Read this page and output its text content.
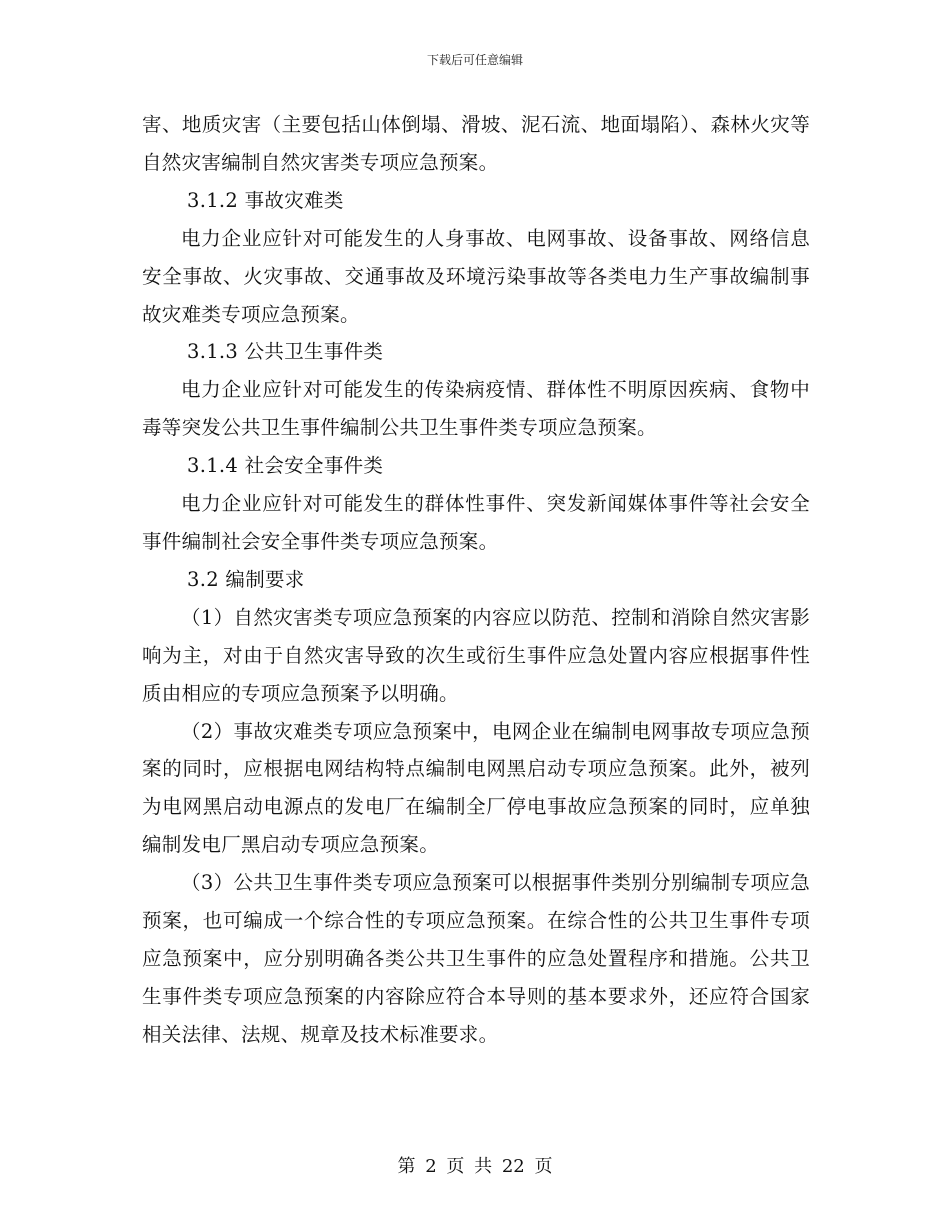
下载后可任意编辑

害、地质灾害（主要包括山体倒塌、滑坡、泥石流、地面塌陷）、森林火灾等自然灾害编制自然灾害类专项应急预案。

3.1.2 事故灾难类

电力企业应针对可能发生的人身事故、电网事故、设备事故、网络信息安全事故、火灾事故、交通事故及环境污染事故等各类电力生产事故编制事故灾难类专项应急预案。

3.1.3 公共卫生事件类

电力企业应针对可能发生的传染病疫情、群体性不明原因疾病、食物中毒等突发公共卫生事件编制公共卫生事件类专项应急预案。

3.1.4 社会安全事件类

电力企业应针对可能发生的群体性事件、突发新闻媒体事件等社会安全事件编制社会安全事件类专项应急预案。

3.2 编制要求

（1）自然灾害类专项应急预案的内容应以防范、控制和消除自然灾害影响为主，对由于自然灾害导致的次生或衍生事件应急处置内容应根据事件性质由相应的专项应急预案予以明确。

（2）事故灾难类专项应急预案中，电网企业在编制电网事故专项应急预案的同时，应根据电网结构特点编制电网黑启动专项应急预案。此外，被列为电网黑启动电源点的发电厂在编制全厂停电事故应急预案的同时，应单独编制发电厂黑启动专项应急预案。

（3）公共卫生事件类专项应急预案可以根据事件类别分别编制专项应急预案，也可编成一个综合性的专项应急预案。在综合性的公共卫生事件专项应急预案中，应分别明确各类公共卫生事件的应急处置程序和措施。公共卫生事件类专项应急预案的内容除应符合本导则的基本要求外，还应符合国家相关法律、法规、规章及技术标准要求。

第 2 页 共 22 页
